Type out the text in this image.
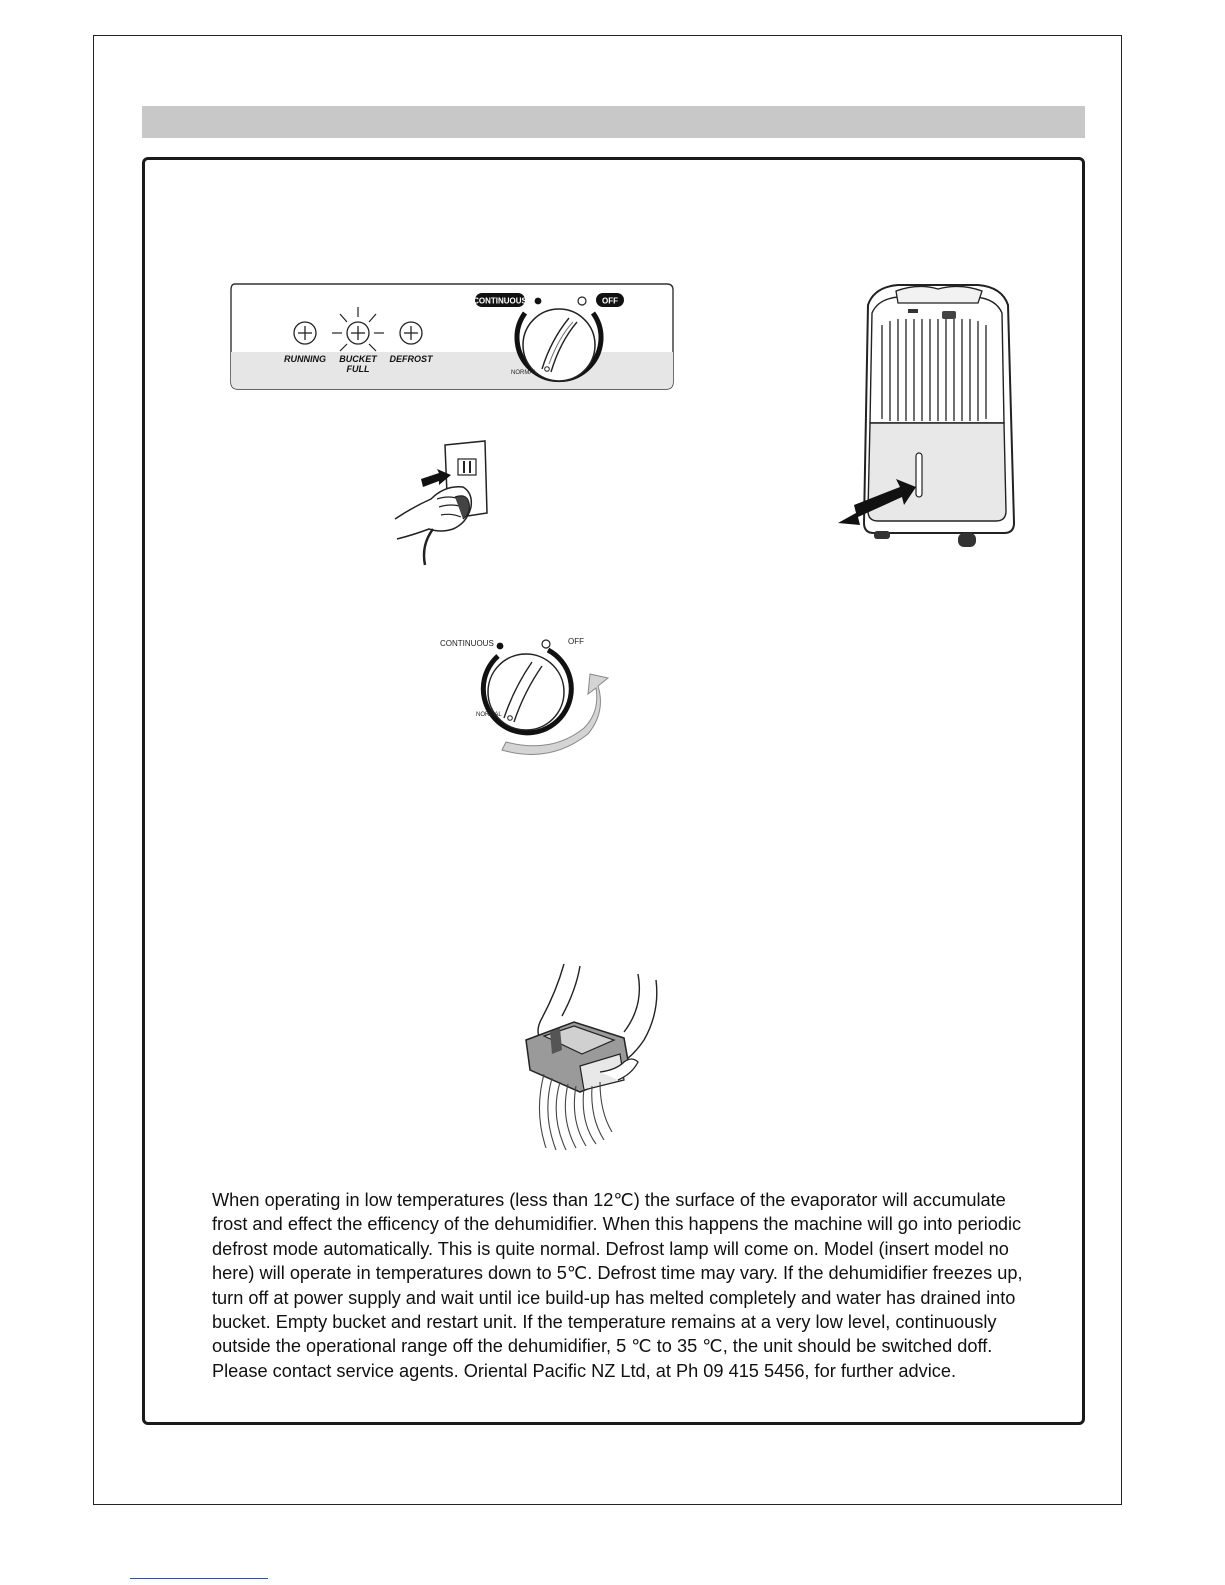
RUNNING BUCKET
FULL
DEFROST
CONTINUOUS	OFF
NORMAL
CONTINUOUS	OFF
NORMAL

When operating in low temperatures (less than 12℃) the surface of the evaporator will accumulate
frost and effect the efficency of the dehumidifier. When this happens the machine will go into periodic
defrost mode automatically. This is quite normal. Defrost lamp will come on. Model (insert model no
here) will operate in temperatures down to 5℃. Defrost time may vary. If the dehumidifier freezes up,
turn off at power supply and wait until ice build-up has melted completely and water has drained into
bucket. Empty bucket and restart unit. If the temperature remains at a very low level, continuously
outside the operational range off the dehumidifier, 5 ℃ to 35 ℃, the unit should be switched doff.
Please contact service agents. Oriental Pacific NZ Ltd, at Ph 09 415 5456, for further advice.
